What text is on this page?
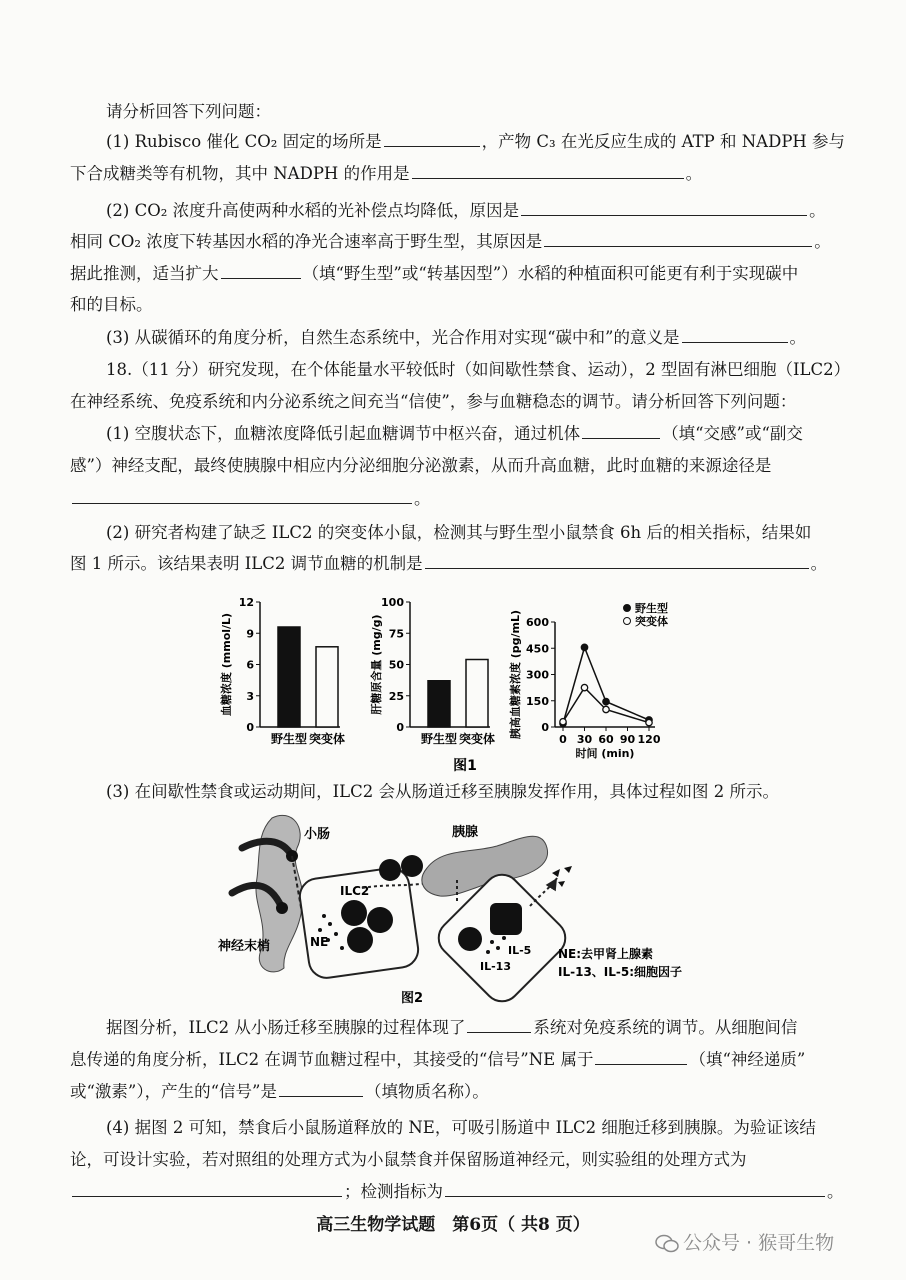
请分析回答下列问题：
(1) Rubisco 催化 CO₂ 固定的场所是	，产物 C₃ 在光反应生成的 ATP 和 NADPH 参与
下合成糖类等有机物，其中 NADPH 的作用是	。
(2) CO₂ 浓度升高使两种水稻的光补偿点均降低，原因是	。
相同 CO₂ 浓度下转基因水稻的净光合速率高于野生型，其原因是	。
据此推测，适当扩大	（填“野生型”或“转基因型”）水稻的种植面积可能更有利于实现碳中
和的目标。
(3) 从碳循环的角度分析，自然生态系统中，光合作用对实现“碳中和”的意义是	。
18.（11 分）研究发现，在个体能量水平较低时（如间歇性禁食、运动），2 型固有淋巴细胞（ILC2）
在神经系统、免疫系统和内分泌系统之间充当“信使”，参与血糖稳态的调节。请分析回答下列问题：
(1) 空腹状态下，血糖浓度降低引起血糖调节中枢兴奋，通过机体	（填“交感”或“副交
感”）神经支配，最终使胰腺中相应内分泌细胞分泌激素，从而升高血糖，此时血糖的来源途径是
。
(2) 研究者构建了缺乏 ILC2 的突变体小鼠，检测其与野生型小鼠禁食 6h 后的相关指标，结果如
图 1 所示。该结果表明 ILC2 调节血糖的机制是	。
0
3
6
9
12
血糖浓度 (mmol/L)
野生型 突变体
0
25
50
75
100
肝糖原含量 (mg/g)
野生型 突变体
0
150
300
450
600
胰高血糖素浓度 (pg/mL)
0 30 60 90 120
时间 (min)
野生型
突变体
图1
(3) 在间歇性禁食或运动期间，ILC2 会从肠道迁移至胰腺发挥作用，具体过程如图 2 所示。
小肠
神经末梢
ILC2
NE
胰腺
IL-5
IL-13
NE:去甲肾上腺素
IL-13、IL-5:细胞因子
图2
据图分析，ILC2 从小肠迁移至胰腺的过程体现了	系统对免疫系统的调节。从细胞间信
息传递的角度分析，ILC2 在调节血糖过程中，其接受的“信号”NE 属于	（填“神经递质”
或“激素”），产生的“信号”是	（填物质名称）。
(4) 据图 2 可知，禁食后小鼠肠道释放的 NE，可吸引肠道中 ILC2 细胞迁移到胰腺。为验证该结
论，可设计实验，若对照组的处理方式为小鼠禁食并保留肠道神经元，则实验组的处理方式为
；检测指标为	。
高三生物学试题　第6页（ 共8 页）
公众号 · 猴哥生物
